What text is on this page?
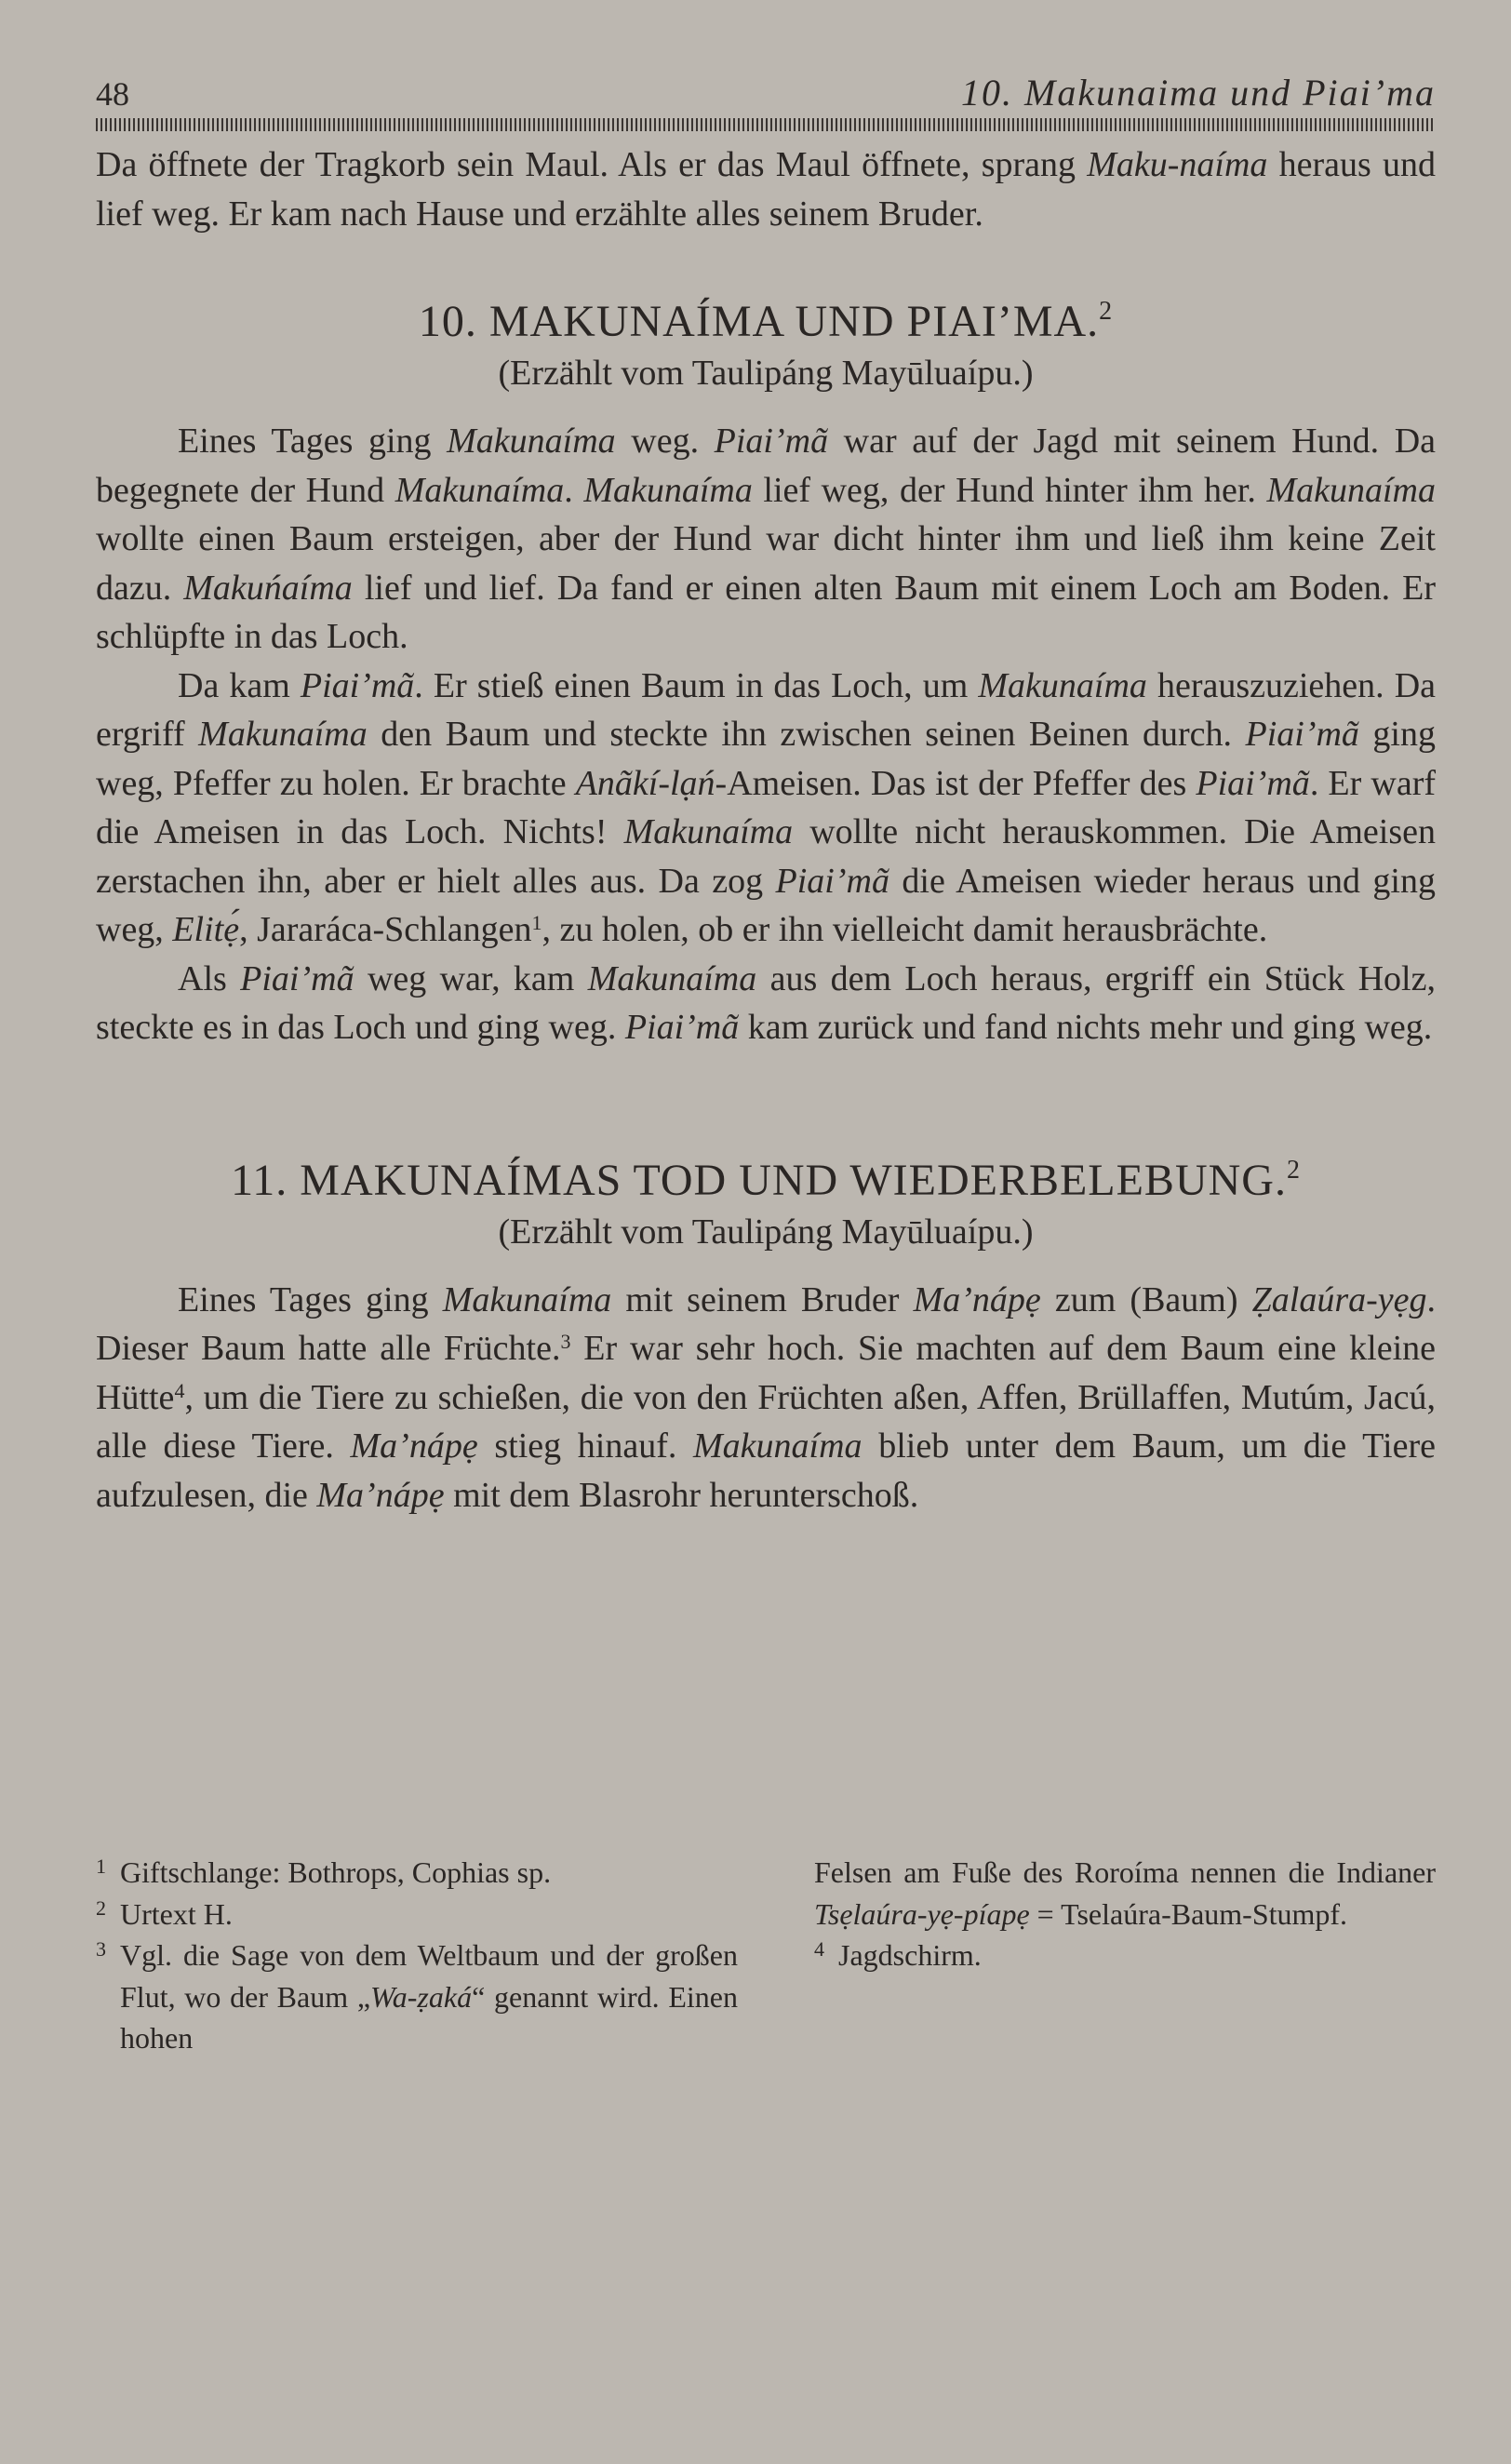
48	10. Makunaima und Piai’ma

Da öffnete der Tragkorb sein Maul. Als er das Maul öffnete, sprang Maku-naíma heraus und lief weg. Er kam nach Hause und erzählte alles seinem Bruder.

10. MAKUNAÍMA UND PIAI’MA.$^2$
(Erzählt vom Taulipáng Mayūluaípu.)

Eines Tages ging Makunaíma weg. Piai’mã war auf der Jagd mit seinem Hund. Da begegnete der Hund Makunaíma. Makunaíma lief weg, der Hund hinter ihm her. Makunaíma wollte einen Baum ersteigen, aber der Hund war dicht hinter ihm und ließ ihm keine Zeit dazu. Makuńaíma lief und lief. Da fand er einen alten Baum mit einem Loch am Boden. Er schlüpfte in das Loch.

Da kam Piai’mã. Er stieß einen Baum in das Loch, um Makunaíma herauszuziehen. Da ergriff Makunaíma den Baum und steckte ihn zwischen seinen Beinen durch. Piai’mã ging weg, Pfeffer zu holen. Er brachte Anãkí-lạń-Ameisen. Das ist der Pfeffer des Piai’mã. Er warf die Ameisen in das Loch. Nichts! Makunaíma wollte nicht herauskommen. Die Ameisen zerstachen ihn, aber er hielt alles aus. Da zog Piai’mã die Ameisen wieder heraus und ging weg, Elitẹ́, Jararáca-Schlangen$^1$, zu holen, ob er ihn vielleicht damit herausbrächte.

Als Piai’mã weg war, kam Makunaíma aus dem Loch heraus, ergriff ein Stück Holz, steckte es in das Loch und ging weg. Piai’mã kam zurück und fand nichts mehr und ging weg.

11. MAKUNAÍMAS TOD UND WIEDERBELEBUNG.$^2$
(Erzählt vom Taulipáng Mayūluaípu.)

Eines Tages ging Makunaíma mit seinem Bruder Ma’nápẹ zum (Baum) Ẓalaúra-yẹg. Dieser Baum hatte alle Früchte.$^3$ Er war sehr hoch. Sie machten auf dem Baum eine kleine Hütte$^4$, um die Tiere zu schießen, die von den Früchten aßen, Affen, Brüllaffen, Mutúm, Jacú, alle diese Tiere. Ma’nápẹ stieg hinauf. Makunaíma blieb unter dem Baum, um die Tiere aufzulesen, die Ma’nápẹ mit dem Blasrohr herunterschoß.

1 Giftschlange: Bothrops, Cophias sp.
2 Urtext H.
3 Vgl. die Sage von dem Weltbaum und der großen Flut, wo der Baum „Wa-ẓaká“ genannt wird. Einen hohen
Felsen am Fuße des Roroíma nennen die Indianer Tsẹlaúra-yẹ-píapẹ = Tselaúra-Baum-Stumpf.
4 Jagdschirm.
